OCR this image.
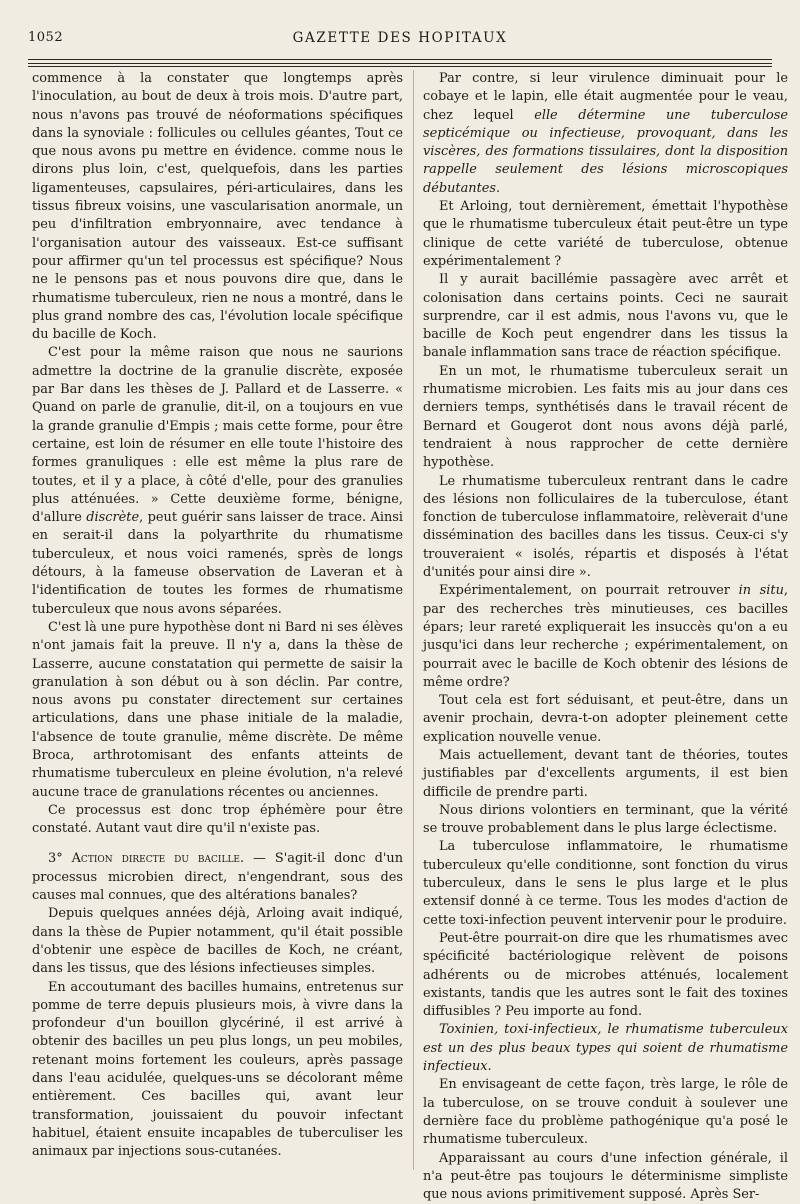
1052	GAZETTE DES HOPITAUX

commence à la constater que longtemps après l'inoculation, au bout de deux à trois mois. D'autre part, nous n'avons pas trouvé de néoformations spécifiques dans la synoviale : follicules ou cellules géantes, Tout ce que nous avons pu mettre en évidence. comme nous le dirons plus loin, c'est, quelquefois, dans les parties ligamenteuses, capsulaires, péri-articulaires, dans les tissus fibreux voisins, une vascularisation anormale, un peu d'infiltration embryonnaire, avec tendance à l'organisation autour des vaisseaux. Est-ce suffisant pour affirmer qu'un tel processus est spécifique? Nous ne le pensons pas et nous pouvons dire que, dans le rhumatisme tuberculeux, rien ne nous a montré, dans le plus grand nombre des cas, l'évolution locale spécifique du bacille de Koch.

C'est pour la même raison que nous ne saurions admettre la doctrine de la granulie discrète, exposée par Bar dans les thèses de J. Pallard et de Lasserre. « Quand on parle de granulie, dit-il, on a toujours en vue la grande granulie d'Empis ; mais cette forme, pour être certaine, est loin de résumer en elle toute l'histoire des formes granuliques : elle est même la plus rare de toutes, et il y a place, à côté d'elle, pour des granulies plus atténuées. » Cette deuxième forme, bénigne, d'allure discrète, peut guérir sans laisser de trace. Ainsi en serait-il dans la polyarthrite du rhumatisme tuberculeux, et nous voici ramenés, sprès de longs détours, à la fameuse observation de Laveran et à l'identification de toutes les formes de rhumatisme tuberculeux que nous avons séparées.

C'est là une pure hypothèse dont ni Bard ni ses élèves n'ont jamais fait la preuve. Il n'y a, dans la thèse de Lasserre, aucune constatation qui permette de saisir la granulation à son début ou à son déclin. Par contre, nous avons pu constater directement sur certaines articulations, dans une phase initiale de la maladie, l'absence de toute granulie, même discrète. De même Broca, arthrotomisant des enfants atteints de rhumatisme tuberculeux en pleine évolution, n'a relevé aucune trace de granulations récentes ou anciennes.

Ce processus est donc trop éphémère pour être constaté. Autant vaut dire qu'il n'existe pas.

3° Action directe du bacille. — S'agit-il donc d'un processus microbien direct, n'engendrant, sous des causes mal connues, que des altérations banales?

Depuis quelques années déjà, Arloing avait indiqué, dans la thèse de Pupier notamment, qu'il était possible d'obtenir une espèce de bacilles de Koch, ne créant, dans les tissus, que des lésions infectieuses simples.

En accoutumant des bacilles humains, entretenus sur pomme de terre depuis plusieurs mois, à vivre dans la profondeur d'un bouillon glycériné, il est arrivé à obtenir des bacilles un peu plus longs, un peu mobiles, retenant moins fortement les couleurs, après passage dans l'eau acidulée, quelques-uns se décolorant même entièrement. Ces bacilles qui, avant leur transformation, jouissaient du pouvoir infectant habituel, étaient ensuite incapables de tuberculiser les animaux par injections sous-cutanées.

Par contre, si leur virulence diminuait pour le cobaye et le lapin, elle était augmentée pour le veau, chez lequel elle détermine une tuberculose septicémique ou infectieuse, provoquant, dans les viscères, des formations tissulaires, dont la disposition rappelle seulement des lésions microscopiques débutantes.

Et Arloing, tout dernièrement, émettait l'hypothèse que le rhumatisme tuberculeux était peut-être un type clinique de cette variété de tuberculose, obtenue expérimentalement ?

Il y aurait bacillémie passagère avec arrêt et colonisation dans certains points. Ceci ne saurait surprendre, car il est admis, nous l'avons vu, que le bacille de Koch peut engendrer dans les tissus la banale inflammation sans trace de réaction spécifique.

En un mot, le rhumatisme tuberculeux serait un rhumatisme microbien. Les faits mis au jour dans ces derniers temps, synthétisés dans le travail récent de Bernard et Gougerot dont nous avons déjà parlé, tendraient à nous rapprocher de cette dernière hypothèse.

Le rhumatisme tuberculeux rentrant dans le cadre des lésions non folliculaires de la tuberculose, étant fonction de tuberculose inflammatoire, relèverait d'une dissémination des bacilles dans les tissus. Ceux-ci s'y trouveraient « isolés, répartis et disposés à l'état d'unités pour ainsi dire ».

Expérimentalement, on pourrait retrouver in situ, par des recherches très minutieuses, ces bacilles épars; leur rareté expliquerait les insuccès qu'on a eu jusqu'ici dans leur recherche ; expérimentalement, on pourrait avec le bacille de Koch obtenir des lésions de même ordre?

Tout cela est fort séduisant, et peut-être, dans un avenir prochain, devra-t-on adopter pleinement cette explication nouvelle venue.

Mais actuellement, devant tant de théories, toutes justifiables par d'excellents arguments, il est bien difficile de prendre parti.

Nous dirions volontiers en terminant, que la vérité se trouve probablement dans le plus large éclectisme.

La tuberculose inflammatoire, le rhumatisme tuberculeux qu'elle conditionne, sont fonction du virus tuberculeux, dans le sens le plus large et le plus extensif donné à ce terme. Tous les modes d'action de cette toxi-infection peuvent intervenir pour le produire.

Peut-être pourrait-on dire que les rhumatismes avec spécificité bactériologique relèvent de poisons adhérents ou de microbes atténués, localement existants, tandis que les autres sont le fait des toxines diffusibles ? Peu importe au fond.

Toxinien, toxi-infectieux, le rhumatisme tuberculeux est un des plus beaux types qui soient de rhumatisme infectieux.

En envisageant de cette façon, très large, le rôle de la tuberculose, on se trouve conduit à soulever une dernière face du problème pathogénique qu'a posé le rhumatisme tuberculeux.

Apparaissant au cours d'une infection générale, il n'a peut-être pas toujours le déterminisme simpliste que nous avions primitivement supposé. Après Ser-
